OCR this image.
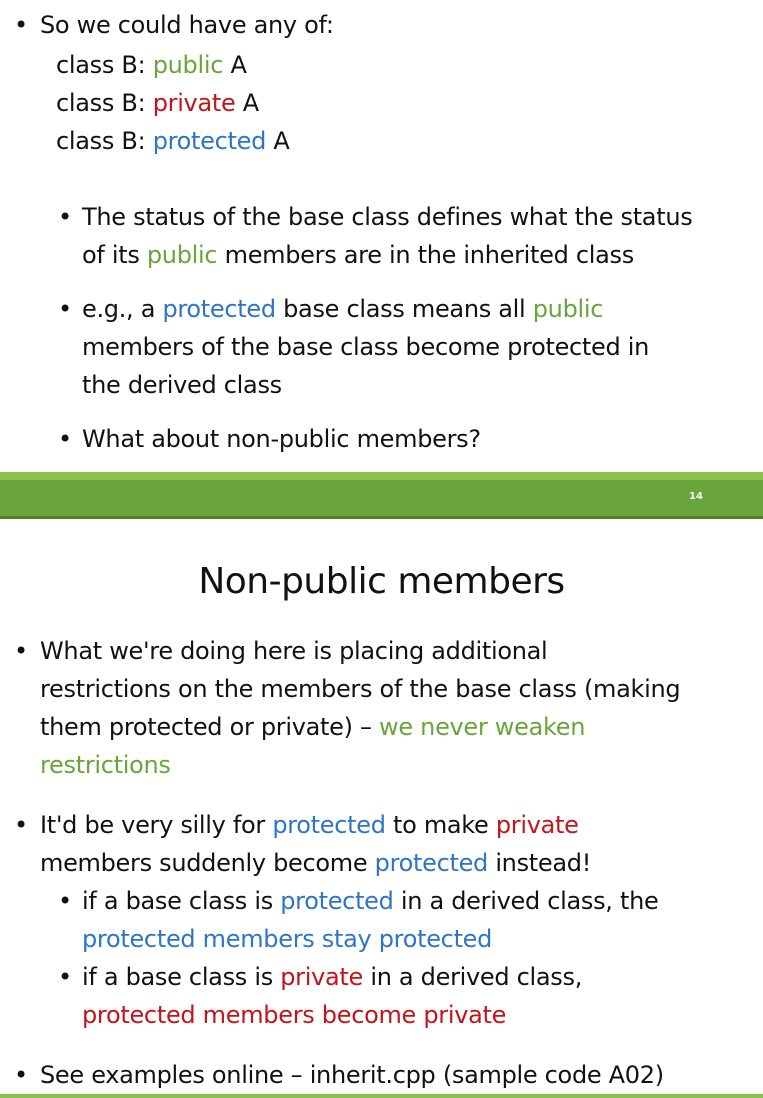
• So we could have any of:
class B: public A
class B: private A
class B: protected A
• The status of the base class defines what the status
of its public members are in the inherited class
• e.g., a protected base class means all public
members of the base class become protected in
the derived class
• What about non-public members?
14
Non-public members
• What we're doing here is placing additional
restrictions on the members of the base class (making
them protected or private) – we never weaken
restrictions
• It'd be very silly for protected to make private
members suddenly become protected instead!
• if a base class is protected in a derived class, the
protected members stay protected
• if a base class is private in a derived class,
protected members become private
• See examples online – inherit.cpp (sample code A02)
